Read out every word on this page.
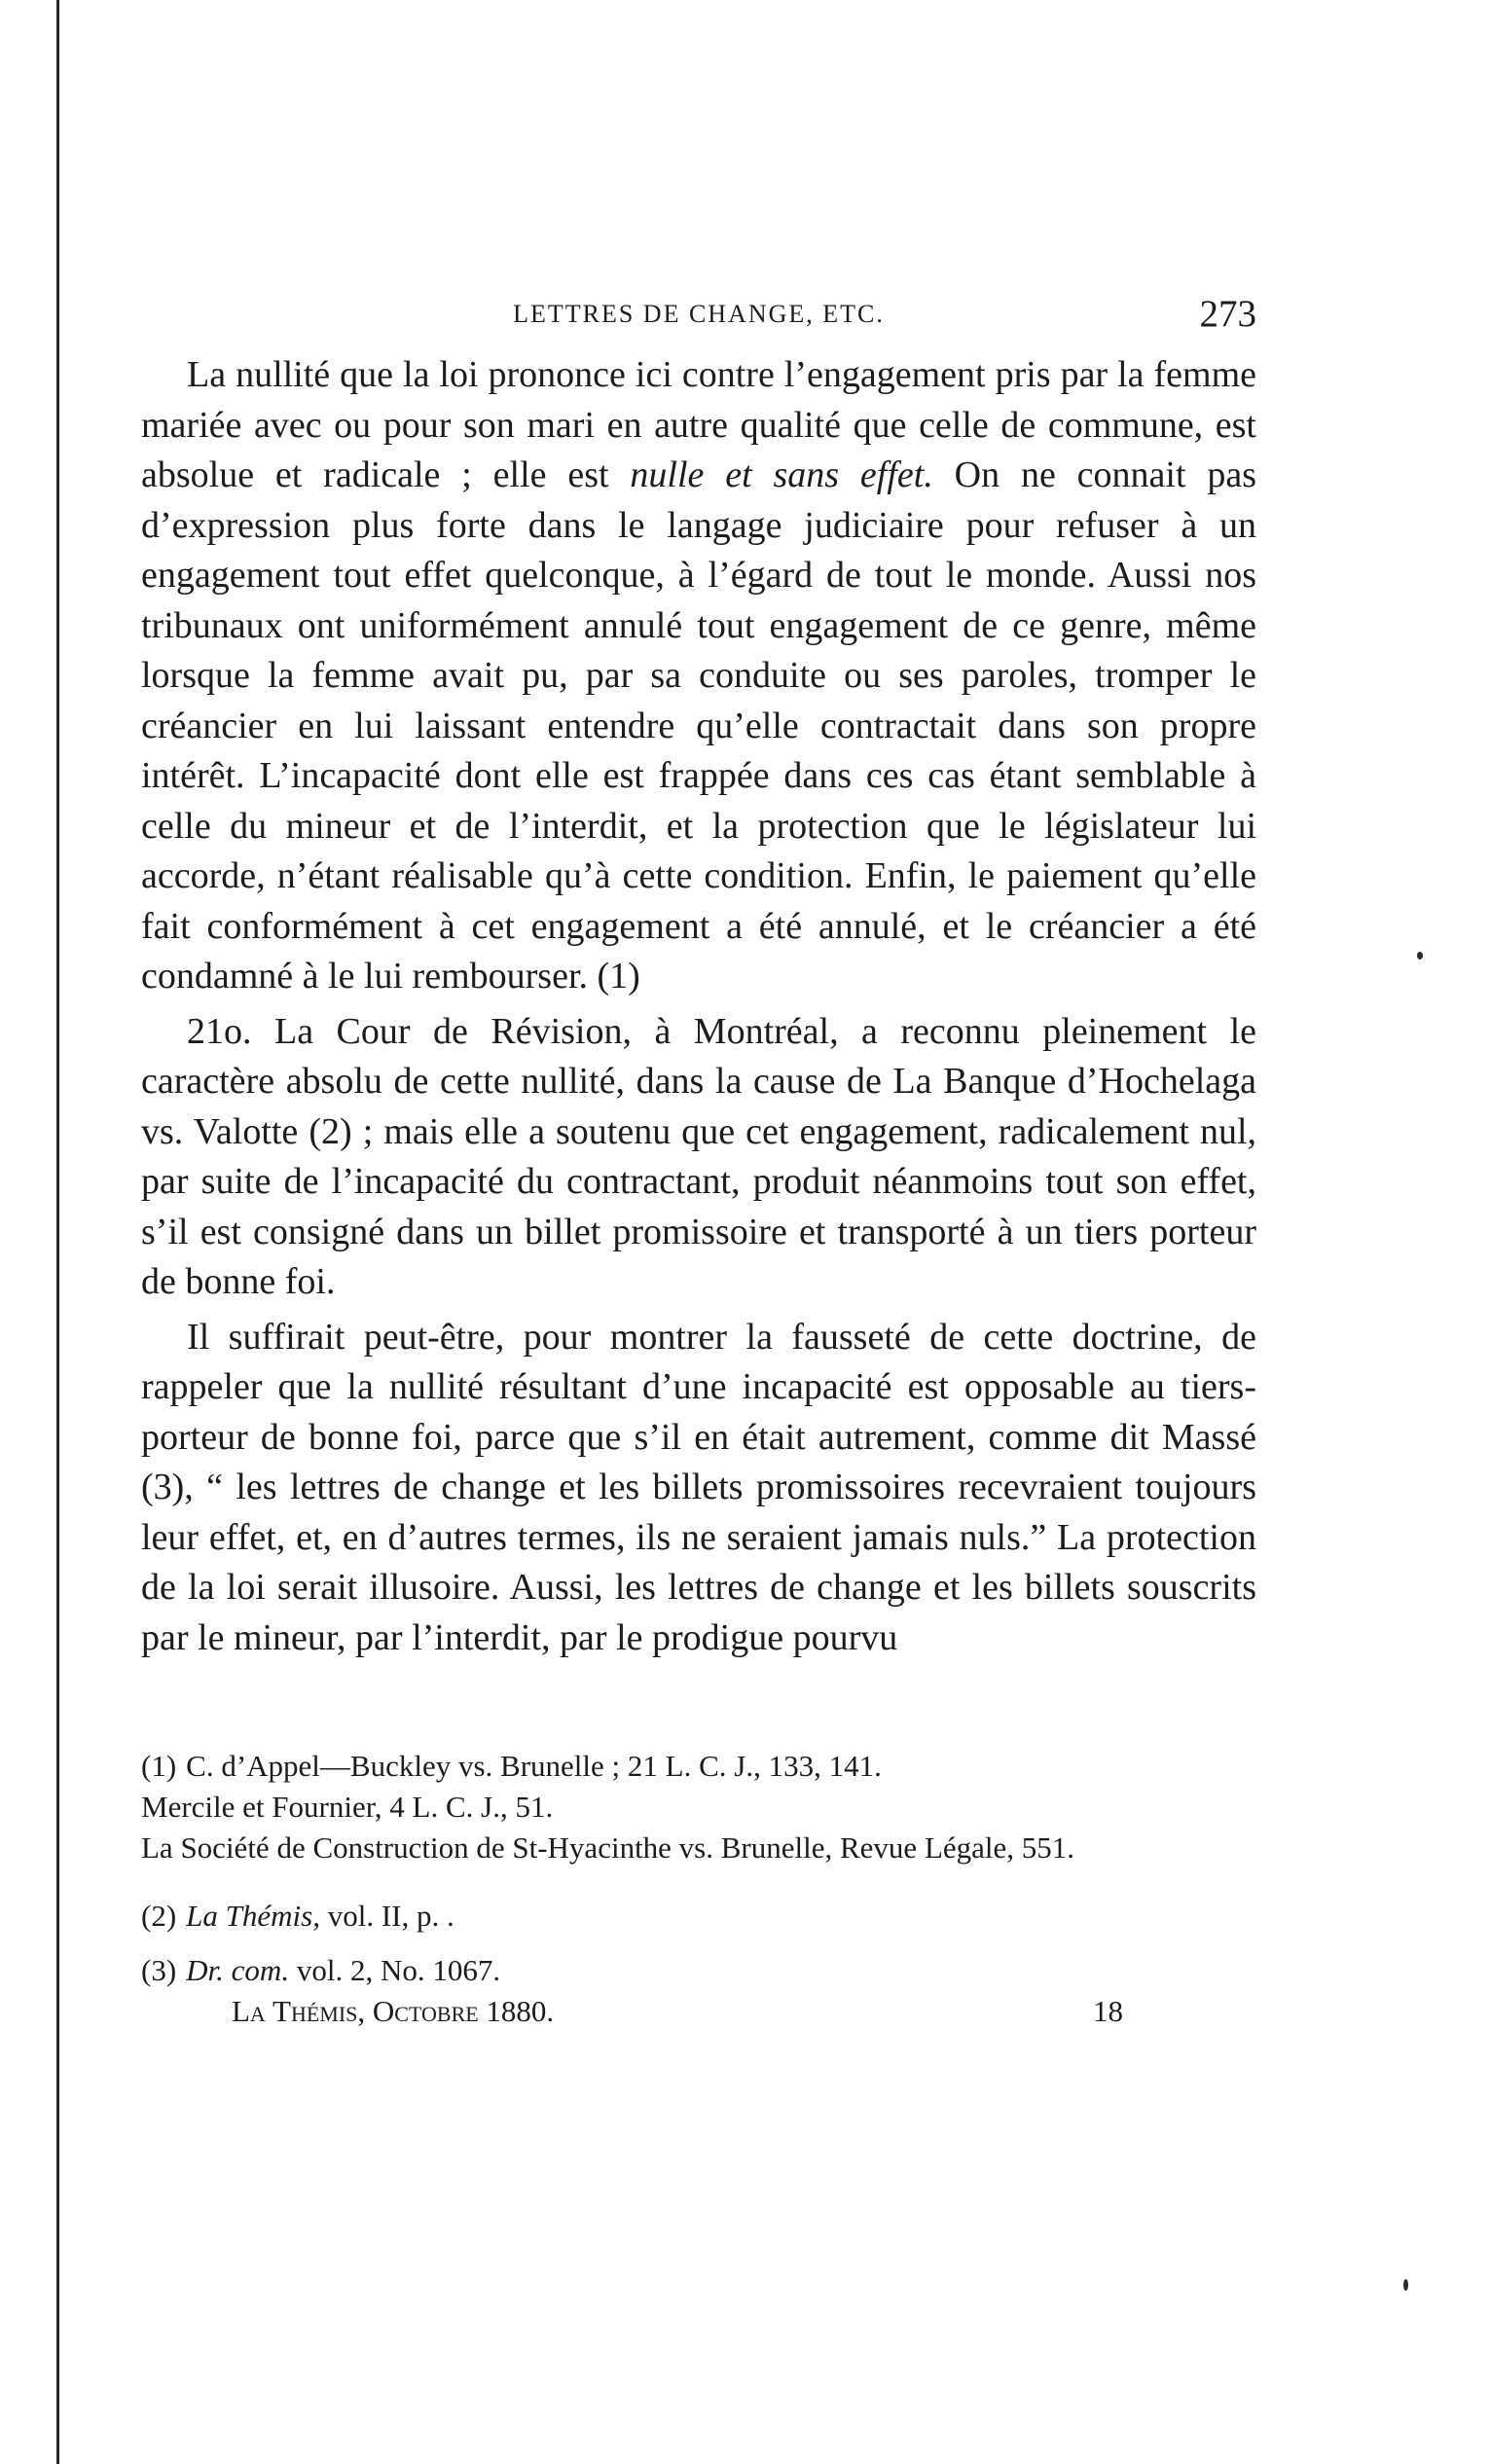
LETTRES DE CHANGE, ETC.	273

La nullité que la loi prononce ici contre l’engagement pris par la femme mariée avec ou pour son mari en autre qualité que celle de commune, est absolue et radicale ; elle est nulle et sans effet. On ne connait pas d’expression plus forte dans le langage judiciaire pour refuser à un engagement tout effet quelconque, à l’égard de tout le monde. Aussi nos tribunaux ont uniformément annulé tout engagement de ce genre, même lorsque la femme avait pu, par sa conduite ou ses paroles, tromper le créancier en lui laissant entendre qu’elle contractait dans son propre intérêt. L’incapacité dont elle est frappée dans ces cas étant semblable à celle du mineur et de l’interdit, et la protection que le législateur lui accorde, n’étant réalisable qu’à cette condition. Enfin, le paiement qu’elle fait conformément à cet engagement a été annulé, et le créancier a été condamné à le lui rembourser. (1)

21o. La Cour de Révision, à Montréal, a reconnu pleinement le caractère absolu de cette nullité, dans la cause de La Banque d’Hochelaga vs. Valotte (2) ; mais elle a soutenu que cet engagement, radicalement nul, par suite de l’incapacité du contractant, produit néanmoins tout son effet, s’il est consigné dans un billet promissoire et transporté à un tiers porteur de bonne foi.

Il suffirait peut-être, pour montrer la fausseté de cette doctrine, de rappeler que la nullité résultant d’une incapacité est opposable au tiers-porteur de bonne foi, parce que s’il en était autrement, comme dit Massé (3), “ les lettres de change et les billets promissoires recevraient toujours leur effet, et, en d’autres termes, ils ne seraient jamais nuls.” La protection de la loi serait illusoire. Aussi, les lettres de change et les billets souscrits par le mineur, par l’interdit, par le prodigue pourvu

(1) C. d’Appel—Buckley vs. Brunelle ; 21 L. C. J., 133, 141.
Mercile et Fournier, 4 L. C. J., 51.
La Société de Construction de St-Hyacinthe vs. Brunelle, Revue Légale, 551.
(2) La Thémis, vol. II, p. .
(3) Dr. com. vol. 2, No. 1067.
La Thémis, Octobre 1880.	18
